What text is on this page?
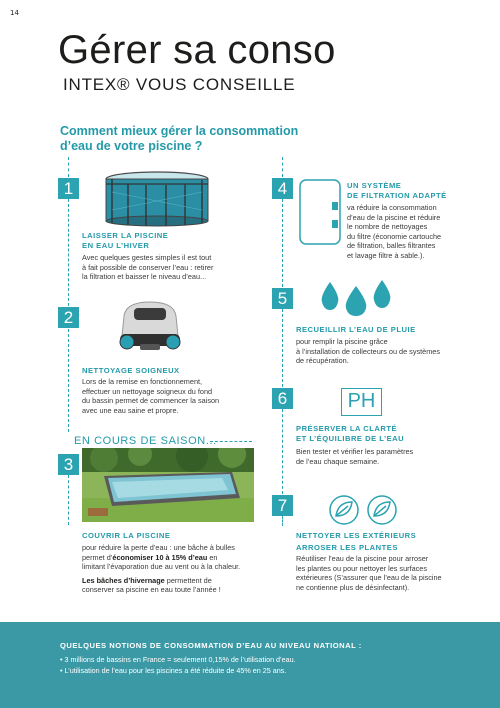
14
Gérer sa conso
INTEX® VOUS CONSEILLE
Comment mieux gérer la consommation d’eau de votre piscine ?
1
LAISSER LA PISCINE
EN EAU L’HIVER
Avec quelques gestes simples il est tout
à fait possible de conserver l’eau : retirer
la filtration et baisser le niveau d’eau...
2
NETTOYAGE SOIGNEUX
Lors de la remise en fonctionnement,
effectuer un nettoyage soigneux du fond
du bassin permet de commencer la saison
avec une eau saine et propre.
EN COURS DE SAISON...
3
COUVRIR LA PISCINE
pour réduire la perte d’eau : une bâche à bulles
permet d’économiser 10 à 15% d’eau en
limitant l’évaporation due au vent ou à la chaleur.
Les bâches d’hivernage permettent de
conserver sa piscine en eau toute l’année !
4	UN SYSTÈME
DE FILTRATION ADAPTÉ
va réduire la consommation
d’eau de la piscine et réduire
le nombre de nettoyages
du filtre (économie cartouche
de filtration, balles filtrantes
et lavage filtre à sable.).
5
RECUEILLIR L’EAU DE PLUIE
pour remplir la piscine grâce
à l’installation de collecteurs ou de systèmes
de récupération.
6	PH
PRÉSERVER LA CLARTÉ
ET L’ÉQUILIBRE DE L’EAU
Bien tester et vérifier les paramètres
de l’eau chaque semaine.
7
NETTOYER LES EXTÉRIEURS
ARROSER LES PLANTES
Réutiliser l’eau de la piscine pour arroser
les plantes ou pour nettoyer les surfaces
extérieures (S’assurer que l’eau de la piscine
ne contienne plus de désinfectant).
QUELQUES NOTIONS DE CONSOMMATION D’EAU AU NIVEAU NATIONAL :
• 3 millions de bassins en France = seulement 0,15% de l’utilisation d’eau.
• L’utilisation de l’eau pour les piscines a été réduite de 45% en 25 ans.
